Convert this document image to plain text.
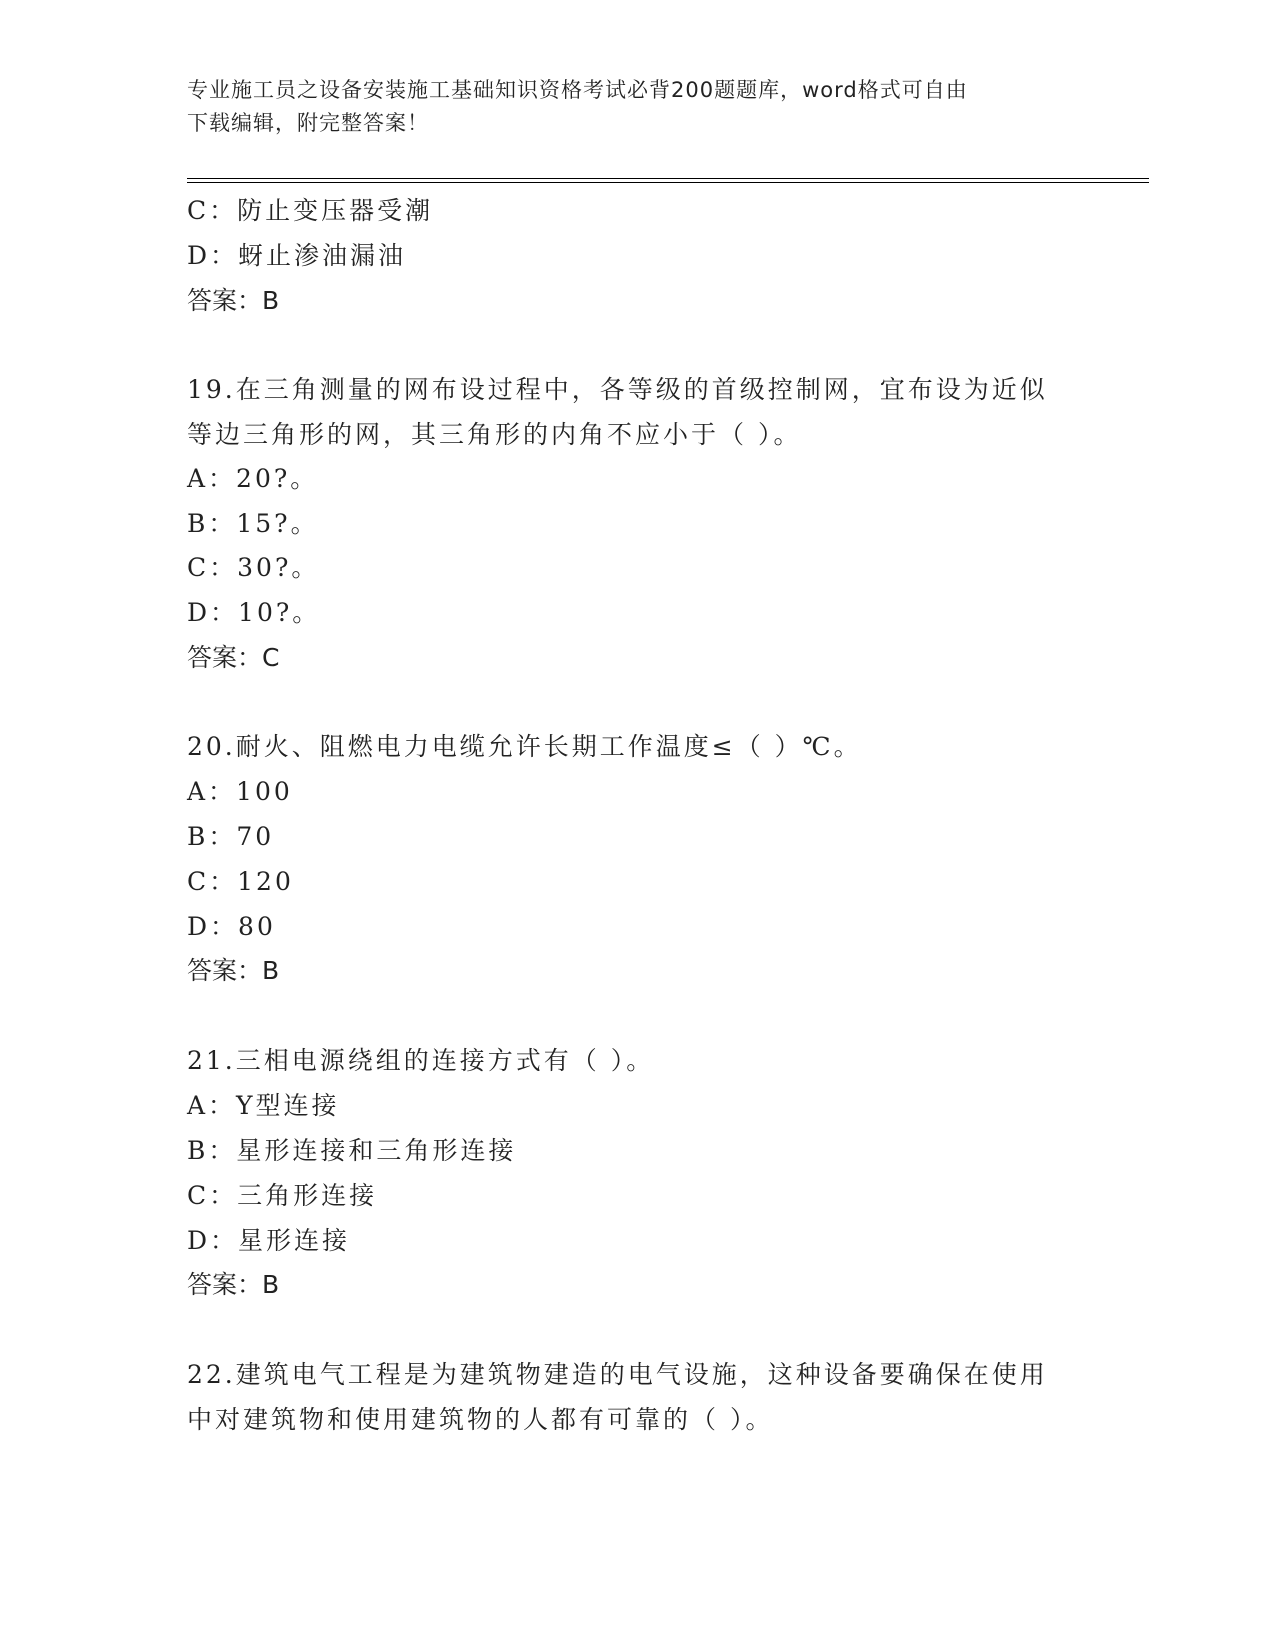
专业施工员之设备安装施工基础知识资格考试必背200题题库，word格式可自由
下载编辑，附完整答案！
C：防止变压器受潮
D：蚜止渗油漏油
答案：B
19.在三角测量的网布设过程中，各等级的首级控制网，宜布设为近似
等边三角形的网，其三角形的内角不应小于（ ）。
A：20?。
B：15?。
C：30?。
D：10?。
答案：C
20.耐火、阻燃电力电缆允许长期工作温度≤（ ）℃。
A：100
B：70
C：120
D：80
答案：B
21.三相电源绕组的连接方式有（ ）。
A：Y型连接
B：星形连接和三角形连接
C：三角形连接
D：星形连接
答案：B
22.建筑电气工程是为建筑物建造的电气设施，这种设备要确保在使用
中对建筑物和使用建筑物的人都有可靠的（ ）。
